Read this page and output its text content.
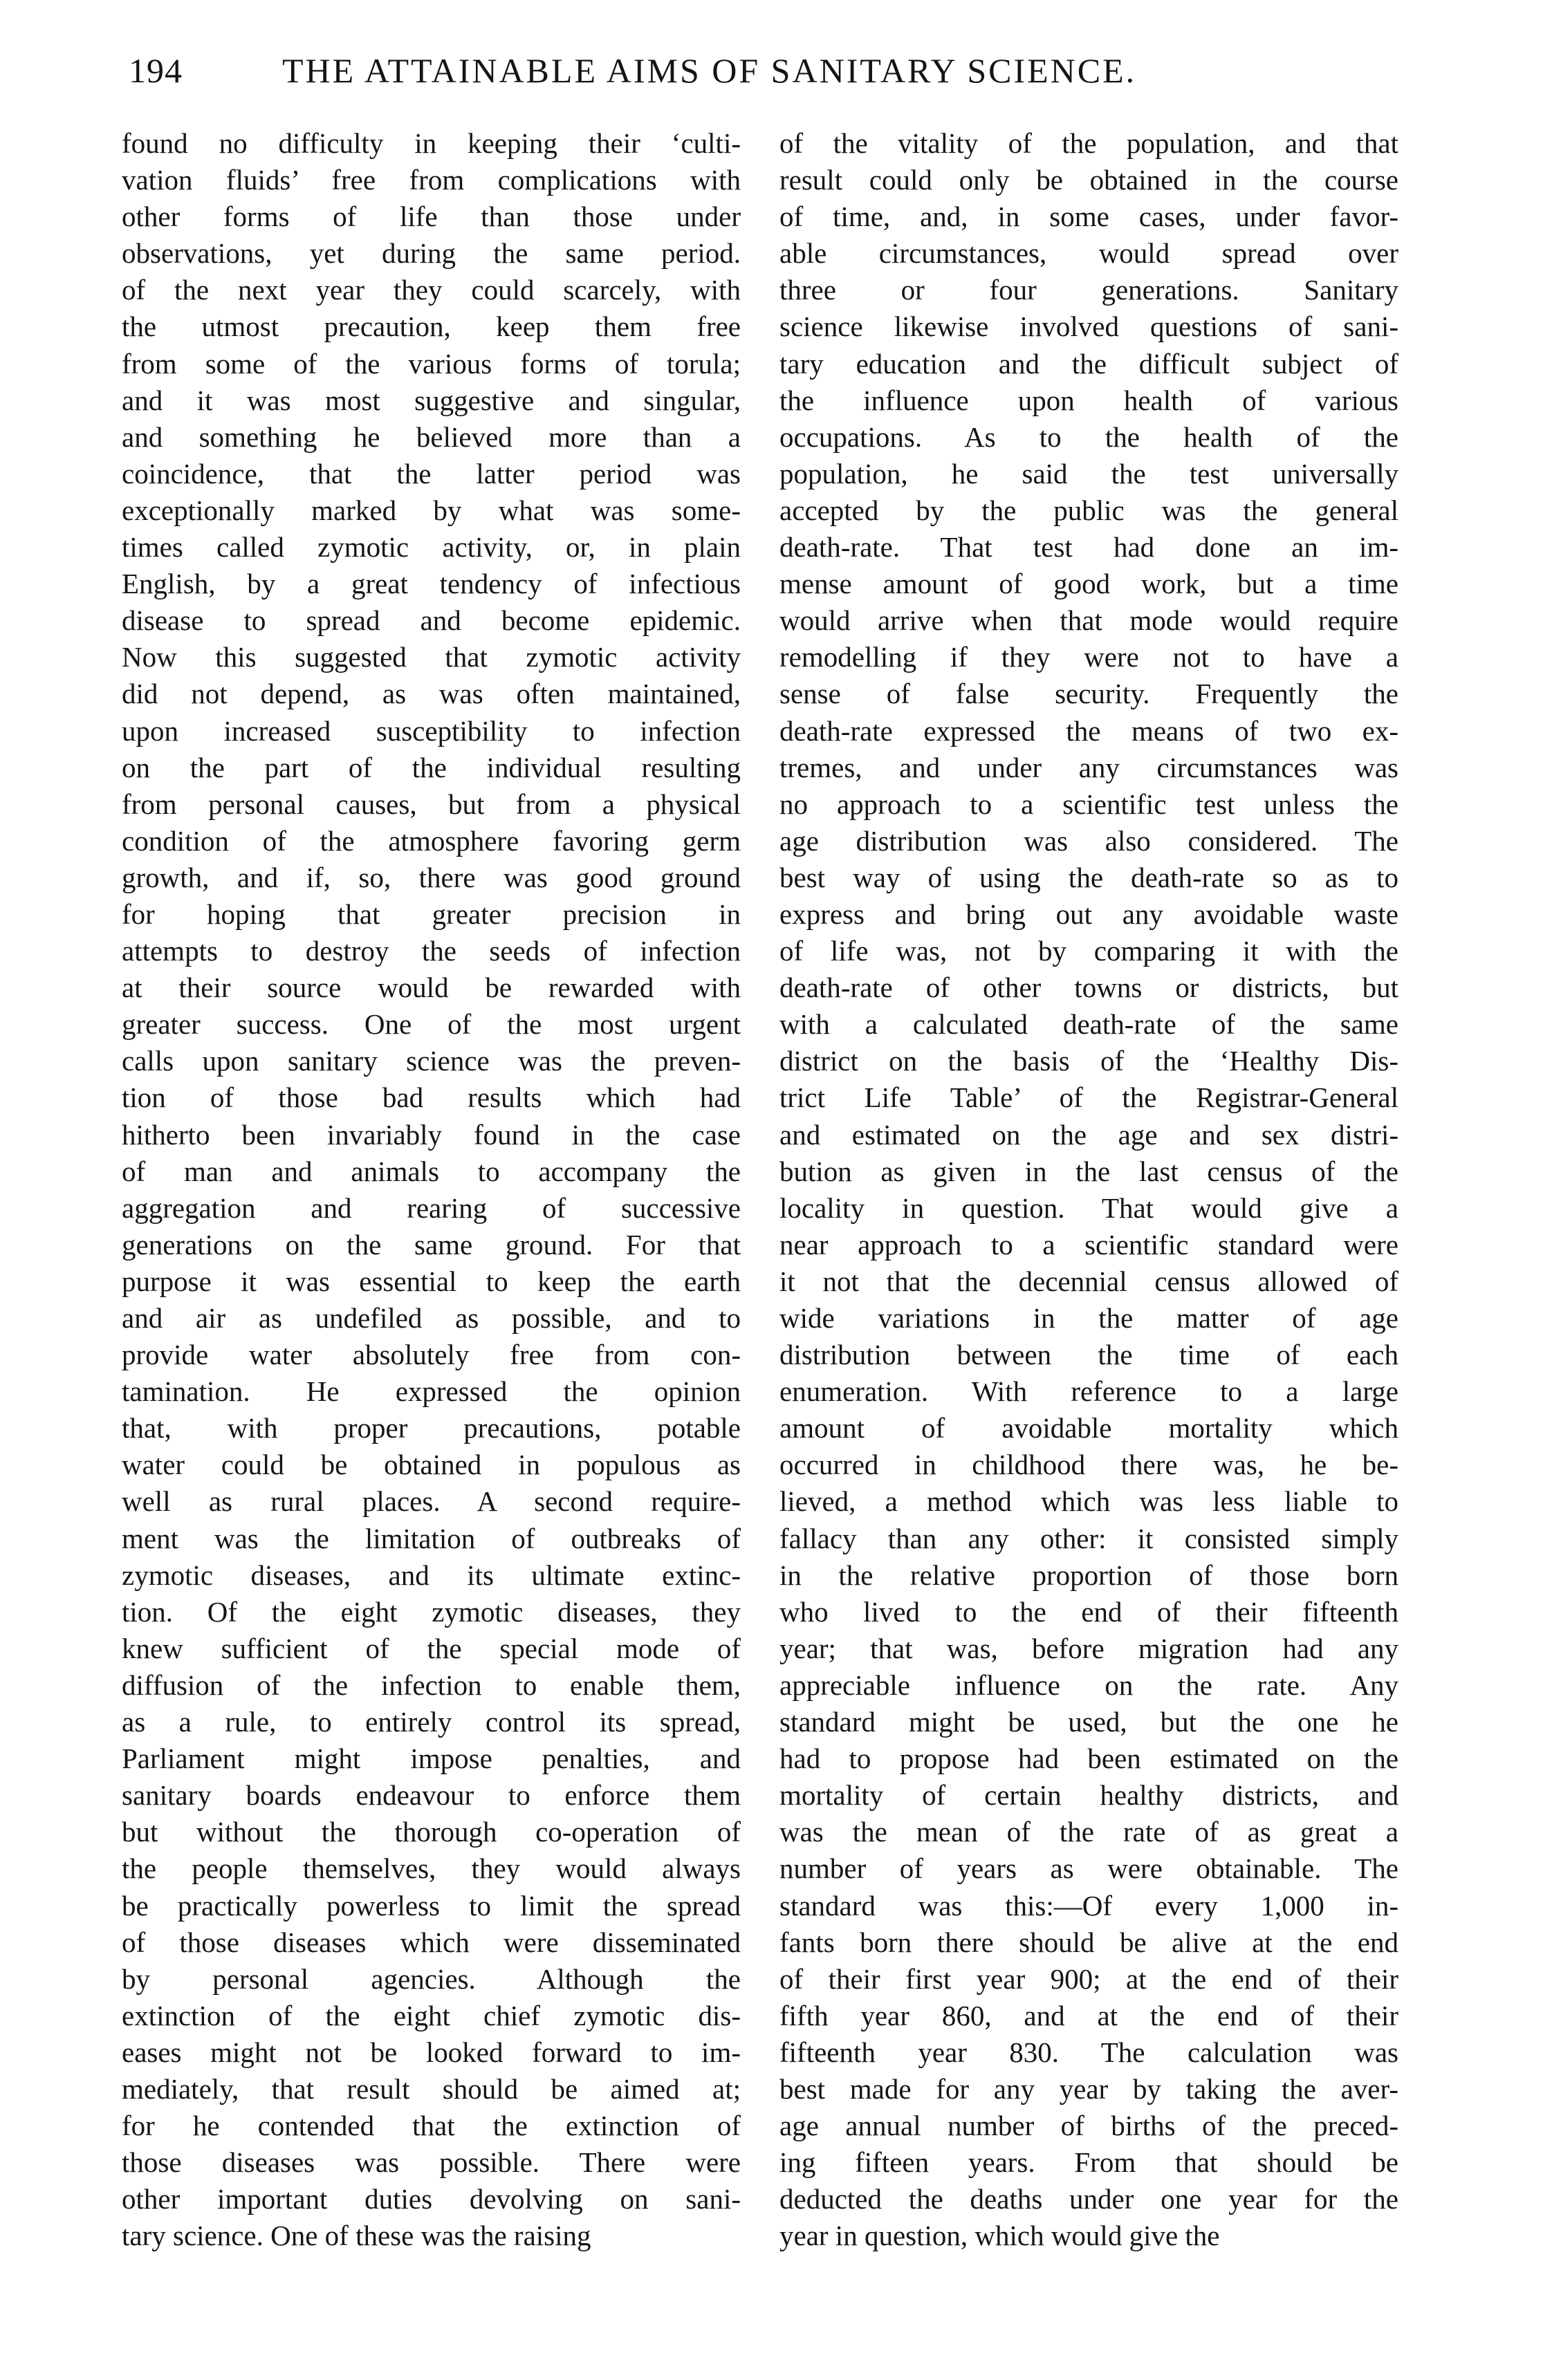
194	THE ATTAINABLE AIMS OF SANITARY SCIENCE.
found no difficulty in keeping their ‘culti-
vation fluids’ free from complications with
other forms of life than those under
observations, yet during the same period.
of the next year they could scarcely, with
the utmost precaution, keep them free
from some of the various forms of torula;
and it was most suggestive and singular,
and something he believed more than a
coincidence, that the latter period was
exceptionally marked by what was some-
times called zymotic activity, or, in plain
English, by a great tendency of infectious
disease to spread and become epidemic.
Now this suggested that zymotic activity
did not depend, as was often maintained,
upon increased susceptibility to infection
on the part of the individual resulting
from personal causes, but from a physical
condition of the atmosphere favoring germ
growth, and if, so, there was good ground
for hoping that greater precision in
attempts to destroy the seeds of infection
at their source would be rewarded with
greater success. One of the most urgent
calls upon sanitary science was the preven-
tion of those bad results which had
hitherto been invariably found in the case
of man and animals to accompany the
aggregation and rearing of successive
generations on the same ground. For that
purpose it was essential to keep the earth
and air as undefiled as possible, and to
provide water absolutely free from con-
tamination. He expressed the opinion
that, with proper precautions, potable
water could be obtained in populous as
well as rural places. A second require-
ment was the limitation of outbreaks of
zymotic diseases, and its ultimate extinc-
tion. Of the eight zymotic diseases, they
knew sufficient of the special mode of
diffusion of the infection to enable them,
as a rule, to entirely control its spread,
Parliament might impose penalties, and
sanitary boards endeavour to enforce them
but without the thorough co-operation of
the people themselves, they would always
be practically powerless to limit the spread
of those diseases which were disseminated
by personal agencies. Although the
extinction of the eight chief zymotic dis-
eases might not be looked forward to im-
mediately, that result should be aimed at;
for he contended that the extinction of
those diseases was possible. There were
other important duties devolving on sani-
tary science. One of these was the raising
of the vitality of the population, and that
result could only be obtained in the course
of time, and, in some cases, under favor-
able circumstances, would spread over
three or four generations. Sanitary
science likewise involved questions of sani-
tary education and the difficult subject of
the influence upon health of various
occupations. As to the health of the
population, he said the test universally
accepted by the public was the general
death-rate. That test had done an im-
mense amount of good work, but a time
would arrive when that mode would require
remodelling if they were not to have a
sense of false security. Frequently the
death-rate expressed the means of two ex-
tremes, and under any circumstances was
no approach to a scientific test unless the
age distribution was also considered. The
best way of using the death-rate so as to
express and bring out any avoidable waste
of life was, not by comparing it with the
death-rate of other towns or districts, but
with a calculated death-rate of the same
district on the basis of the ‘Healthy Dis-
trict Life Table’ of the Registrar-General
and estimated on the age and sex distri-
bution as given in the last census of the
locality in question. That would give a
near approach to a scientific standard were
it not that the decennial census allowed of
wide variations in the matter of age
distribution between the time of each
enumeration. With reference to a large
amount of avoidable mortality which
occurred in childhood there was, he be-
lieved, a method which was less liable to
fallacy than any other: it consisted simply
in the relative proportion of those born
who lived to the end of their fifteenth
year; that was, before migration had any
appreciable influence on the rate. Any
standard might be used, but the one he
had to propose had been estimated on the
mortality of certain healthy districts, and
was the mean of the rate of as great a
number of years as were obtainable. The
standard was this:—Of every 1,000 in-
fants born there should be alive at the end
of their first year 900; at the end of their
fifth year 860, and at the end of their
fifteenth year 830. The calculation was
best made for any year by taking the aver-
age annual number of births of the preced-
ing fifteen years. From that should be
deducted the deaths under one year for the
year in question, which would give the
